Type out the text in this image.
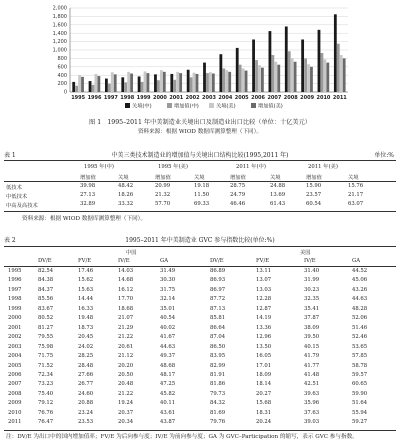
0
200
400
600
800
1,000
1,200
1,400
1,600
1,800
2,000
1995 1996 1997 1998 1999 2000 2001 2002 2003 2004 2005 2006 2007 2008 2009 2010 2011
关境(中)	增加值(中)	关境(美)	增加值(美)
图 1　1995–2011 年中美制造业关境出口及制造业出口比较（单位：十亿美元）
资料来源：根据 WIOD 数据库测算整理（下同）。
表 1	中美三类技术制造业的增加值与关境出口结构比较(1995,2011 年)	单位:%
1995 年(中)	1995 年(美)	2011 年(中)	2011 年(美)
增加值	关境	增加值	关境	增加值	关境	增加值	关境
低技术	39.98	48.42	20.99	19.18	28.75	24.88	15.90	15.76
中低技术	27.13	18.26	21.32	11.50	24.79	13.69	23.57	21.17
中高及高技术	32.89	33.32	57.70	69.33	46.46	61.43	60.54	63.07
资料来源：根据 WIOD 数据库测算整理（下同）。
表 2	1995–2011 年中美制造业 GVC 参与指数比较(单位:%)
中国	美国
DV/E	FV/E	IV/E	GA	DV/E	FV/E	IV/E	GA
1995	82.54	17.46	14.03	31.49	86.89	13.11	31.40	44.52
1996	84.38	15.62	14.68	30.30	86.93	13.07	31.99	45.06
1997	84.37	15.63	16.12	31.75	86.97	13.03	30.23	43.26
1998	85.56	14.44	17.70	32.14	87.72	12.28	32.35	44.63
1999	83.67	16.33	18.68	35.01	87.13	12.87	35.41	48.28
2000	80.52	19.48	21.07	40.54	85.81	14.19	37.87	52.06
2001	81.27	18.73	21.29	40.02	86.64	13.36	38.09	51.46
2002	79.55	20.45	21.22	41.67	87.04	12.96	39.50	52.46
2003	75.98	24.02	20.61	44.63	86.50	13.50	40.15	53.65
2004	71.75	28.25	21.12	49.37	83.95	16.05	41.79	57.85
2005	71.52	28.48	20.20	48.68	82.99	17.01	41.77	58.78
2006	72.34	27.66	20.50	48.17	81.91	18.09	41.48	59.57
2007	73.23	26.77	20.48	47.25	81.86	18.14	42.51	60.65
2008	75.40	24.60	21.22	45.82	79.73	20.27	39.63	59.90
2009	79.12	20.88	19.24	40.11	84.32	15.68	35.96	51.64
2010	76.76	23.24	20.37	43.61	81.69	18.31	37.63	55.94
2011	76.47	23.53	20.34	43.87	79.76	20.24	39.03	59.27
注：DV/E 为出口中的国内增加值率；FV/E 为后向参与度；IV/E 为前向参与度；GA 为 GVC–Participation 的缩写，表示 GVC 参与指数。
